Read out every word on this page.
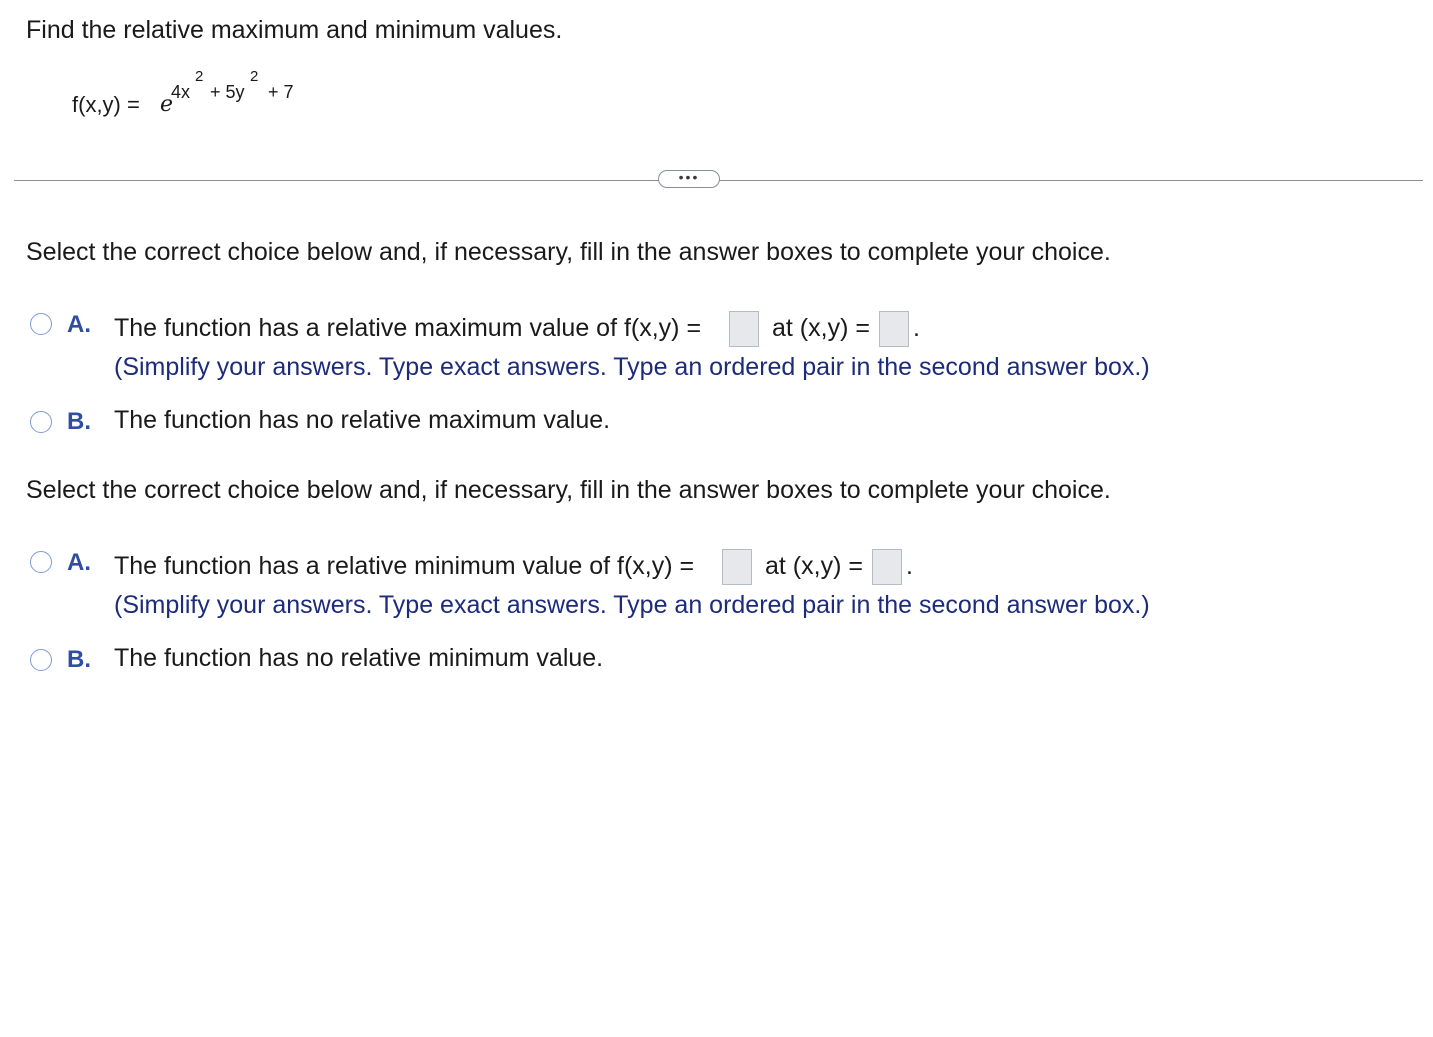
Find the relative maximum and minimum values.
f(x,y) = e
4x
2
+ 5y
2
+ 7
•••
Select the correct choice below and, if necessary, fill in the answer boxes to complete your choice.
A. The function has a relative maximum value of f(x,y) =	at (x,y) = .
(Simplify your answers. Type exact answers. Type an ordered pair in the second answer box.)
B. The function has no relative maximum value.
Select the correct choice below and, if necessary, fill in the answer boxes to complete your choice.
A. The function has a relative minimum value of f(x,y) =	at (x,y) = .
(Simplify your answers. Type exact answers. Type an ordered pair in the second answer box.)
B. The function has no relative minimum value.
